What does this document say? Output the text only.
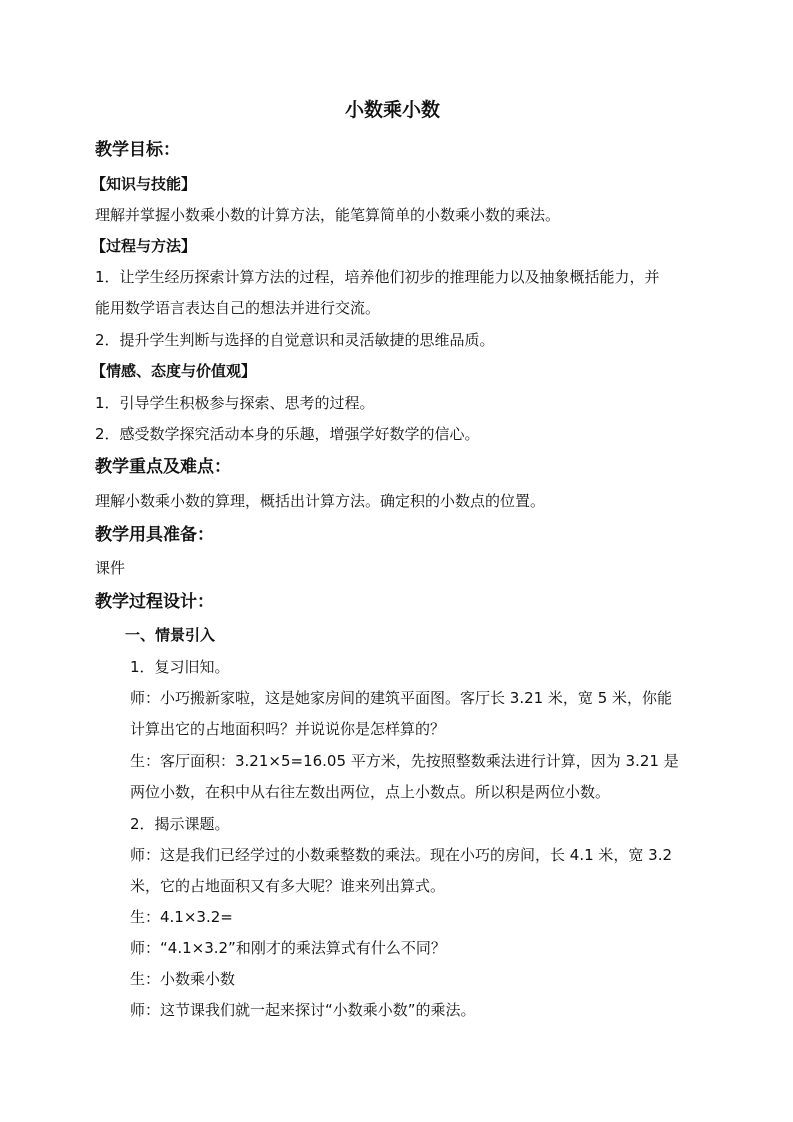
小数乘小数
教学目标：
【知识与技能】
理解并掌握小数乘小数的计算方法，能笔算简单的小数乘小数的乘法。
【过程与方法】
1．让学生经历探索计算方法的过程，培养他们初步的推理能力以及抽象概括能力，并
能用数学语言表达自己的想法并进行交流。
2．提升学生判断与选择的自觉意识和灵活敏捷的思维品质。
【情感、态度与价值观】
1．引导学生积极参与探索、思考的过程。
2．感受数学探究活动本身的乐趣，增强学好数学的信心。
教学重点及难点：
理解小数乘小数的算理，概括出计算方法。确定积的小数点的位置。
教学用具准备：
课件
教学过程设计：
一、情景引入
1．复习旧知。
师：小巧搬新家啦，这是她家房间的建筑平面图。客厅长 3.21 米，宽 5 米，你能
计算出它的占地面积吗？并说说你是怎样算的？
生：客厅面积：3.21×5=16.05 平方米，先按照整数乘法进行计算，因为 3.21 是
两位小数，在积中从右往左数出两位，点上小数点。所以积是两位小数。
2．揭示课题。
师：这是我们已经学过的小数乘整数的乘法。现在小巧的房间，长 4.1 米，宽 3.2
米，它的占地面积又有多大呢？谁来列出算式。
生：4.1×3.2=
师：“4.1×3.2”和刚才的乘法算式有什么不同？
生：小数乘小数
师：这节课我们就一起来探讨“小数乘小数”的乘法。
